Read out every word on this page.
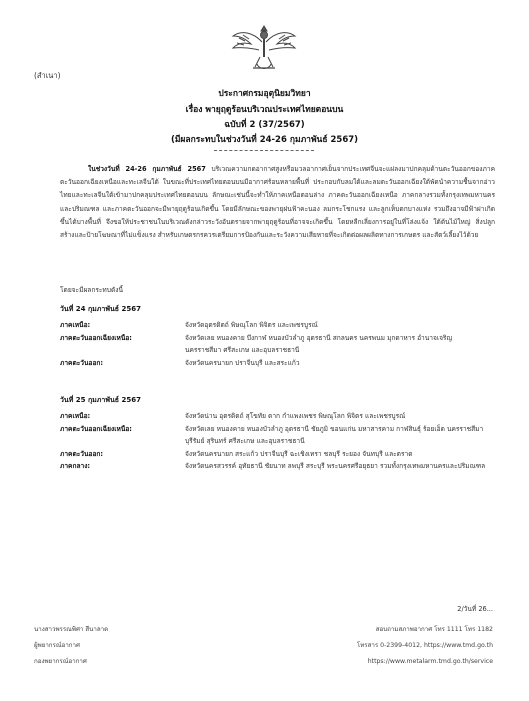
(สำเนา)
ประกาศกรมอุตุนิยมวิทยา
เรื่อง พายุฤดูร้อนบริเวณประเทศไทยตอนบน
ฉบับที่ 2 (37/2567)
(มีผลกระทบในช่วงวันที่ 24-26 กุมภาพันธ์ 2567)
ในช่วงวันที่ 24-26 กุมภาพันธ์ 2567 บริเวณความกดอากาศสูงหรือมวลอากาศเย็นจากประเทศจีนจะแผ่ลงมาปกคลุมด้านตะวันออกของภาคตะวันออกเฉียงเหนือและทะเลจีนใต้ ในขณะที่ประเทศไทยตอนบนมีอากาศร้อนหลายพื้นที่ ประกอบกับลมใต้และลมตะวันออกเฉียงใต้พัดนำความชื้นจากอ่าวไทยและทะเลจีนใต้เข้ามาปกคลุมประเทศไทยตอนบน ลักษณะเช่นนี้จะทำให้ภาคเหนือตอนล่าง ภาคตะวันออกเฉียงเหนือ ภาคกลางรวมทั้งกรุงเทพมหานครและปริมณฑล และภาคตะวันออกจะมีพายุฤดูร้อนเกิดขึ้น โดยมีลักษณะของพายุฝนฟ้าคะนอง ลมกระโชกแรง และลูกเห็บตกบางแห่ง รวมถึงอาจมีฟ้าผ่าเกิดขึ้นได้บางพื้นที่ จึงขอให้ประชาชนในบริเวณดังกล่าวระวังอันตรายจากพายุฤดูร้อนที่อาจจะเกิดขึ้น โดยหลีกเลี่ยงการอยู่ในที่โล่งแจ้ง ใต้ต้นไม้ใหญ่ สิ่งปลูกสร้างและป้ายโฆษณาที่ไม่แข็งแรง สำหรับเกษตรกรควรเตรียมการป้องกันและระวังความเสียหายที่จะเกิดต่อผลผลิตทางการเกษตร และสัตว์เลี้ยงไว้ด้วย
โดยจะมีผลกระทบดังนี้
วันที่ 24 กุมภาพันธ์ 2567
ภาคเหนือ:	จังหวัดอุตรดิตถ์ พิษณุโลก พิจิตร และเพชรบูรณ์
ภาคตะวันออกเฉียงเหนือ:	จังหวัดเลย หนองคาย บึงกาฬ หนองบัวลำภู อุดรธานี สกลนคร นครพนม มุกดาหาร อำนาจเจริญ นครราชสีมา ศรีสะเกษ และอุบลราชธานี
ภาคตะวันออก:	จังหวัดนครนายก ปราจีนบุรี และสระแก้ว
วันที่ 25 กุมภาพันธ์ 2567
ภาคเหนือ:	จังหวัดน่าน อุตรดิตถ์ สุโขทัย ตาก กำแพงเพชร พิษณุโลก พิจิตร และเพชรบูรณ์
ภาคตะวันออกเฉียงเหนือ:	จังหวัดเลย หนองคาย หนองบัวลำภู อุดรธานี ชัยภูมิ ขอนแก่น มหาสารคาม กาฬสินธุ์ ร้อยเอ็ด นครราชสีมา บุรีรัมย์ สุรินทร์ ศรีสะเกษ และอุบลราชธานี
ภาคตะวันออก:	จังหวัดนครนายก สระแก้ว ปราจีนบุรี ฉะเชิงเทรา ชลบุรี ระยอง จันทบุรี และตราด
ภาคกลาง:	จังหวัดนครสวรรค์ อุทัยธานี ชัยนาท ลพบุรี สระบุรี พระนครศรีอยุธยา รวมทั้งกรุงเทพมหานครและปริมณฑล
2/วันที่ 26...
นางสาวพรรณพิศา สีนาลาด
ผู้พยากรณ์อากาศ
กองพยากรณ์อากาศ
สอบถามสภาพอากาศ โทร 1111 โทร 1182
โทรสาร 0-2399-4012, https://www.tmd.go.th
https://www.metalarm.tmd.go.th/service
